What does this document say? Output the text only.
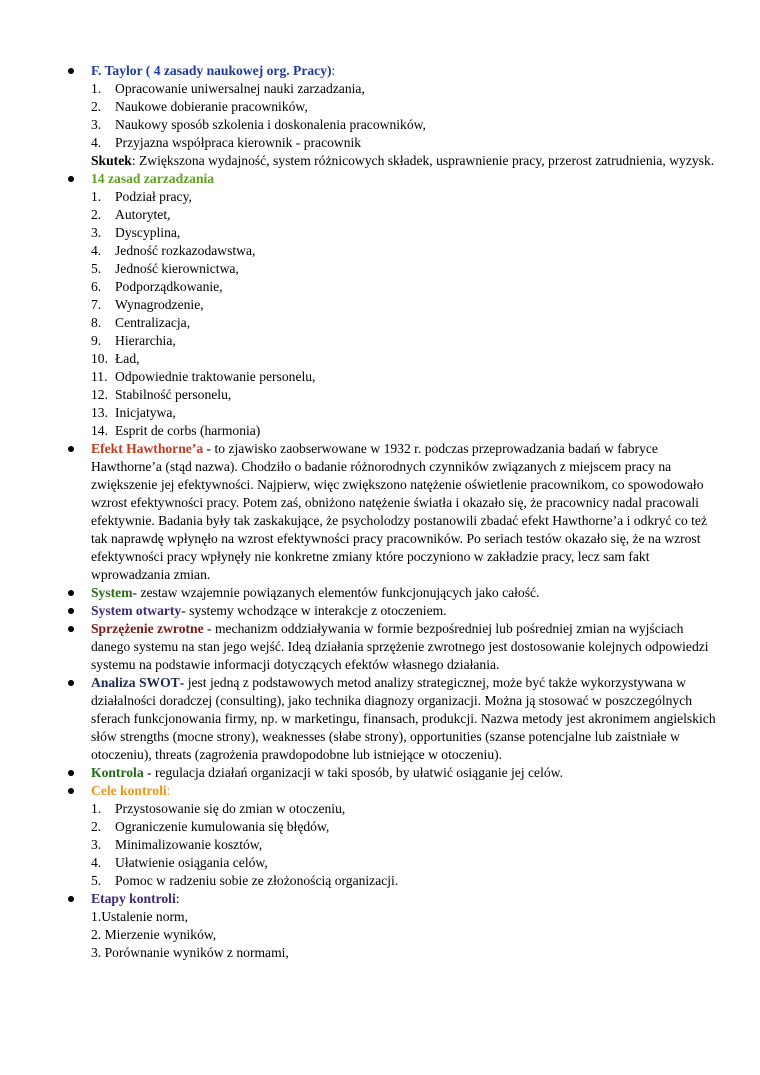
F. Taylor ( 4 zasady naukowej org. Pracy):

1.	Opracowanie uniwersalnej nauki zarzadzania,
2.	Naukowe dobieranie pracowników,
3.	Naukowy sposób szkolenia i doskonalenia pracowników,
4.	Przyjazna współpraca kierownik - pracownik

Skutek: Zwiększona wydajność, system różnicowych składek, usprawnienie pracy, przerost zatrudnienia, wyzysk.

14 zasad zarzadzania

1.	Podział pracy,
2.	Autorytet,
3.	Dyscyplina,
4.	Jedność rozkazodawstwa,
5.	Jedność kierownictwa,
6.	Podporządkowanie,
7.	Wynagrodzenie,
8.	Centralizacja,
9.	Hierarchia,
10. Ład,
11. Odpowiednie traktowanie personelu,
12. Stabilność personelu,
13. Inicjatywa,
14. Esprit de corbs (harmonia)

Efekt Hawthorne’a - to zjawisko zaobserwowane w 1932 r. podczas przeprowadzania badań w fabryce Hawthorne’a (stąd nazwa). Chodziło o badanie różnorodnych czynników związanych z miejscem pracy na zwiększenie jej efektywności. Najpierw, więc zwiększono natężenie oświetlenie pracownikom, co spowodowało wzrost efektywności pracy. Potem zaś, obniżono natężenie światła i okazało się, że pracownicy nadal pracowali efektywnie. Badania były tak zaskakujące, że psycholodzy postanowili zbadać efekt Hawthorne’a i odkryć co też tak naprawdę wpłynęło na wzrost efektywności pracy pracowników. Po seriach testów okazało się, że na wzrost efektywności pracy wpłynęły nie konkretne zmiany które poczyniono w zakładzie pracy, lecz sam fakt wprowadzania zmian.

System- zestaw wzajemnie powiązanych elementów funkcjonujących jako całość.

System otwarty- systemy wchodzące w interakcje z otoczeniem.

Sprzężenie zwrotne - mechanizm oddziaływania w formie bezpośredniej lub pośredniej zmian na wyjściach danego systemu na stan jego wejść. Ideą działania sprzężenie zwrotnego jest dostosowanie kolejnych odpowiedzi systemu na podstawie informacji dotyczących efektów własnego działania.

Analiza SWOT- jest jedną z podstawowych metod analizy strategicznej, może być także wykorzystywana w działalności doradczej (consulting), jako technika diagnozy organizacji. Można ją stosować w poszczególnych sferach funkcjonowania firmy, np. w marketingu, finansach, produkcji. Nazwa metody jest akronimem angielskich słów strengths (mocne strony), weaknesses (słabe strony), opportunities (szanse potencjalne lub zaistniałe w otoczeniu), threats (zagrożenia prawdopodobne lub istniejące w otoczeniu).

Kontrola - regulacja działań organizacji w taki sposób, by ułatwić osiąganie jej celów.

Cele kontroli:

1.	Przystosowanie się do zmian w otoczeniu,
2.	Ograniczenie kumulowania się błędów,
3.	Minimalizowanie kosztów,
4.	Ułatwienie osiągania celów,
5.	Pomoc w radzeniu sobie ze złożonością organizacji.

Etapy kontroli:

1.Ustalenie norm,

2. Mierzenie wyników,

3. Porównanie wyników z normami,
